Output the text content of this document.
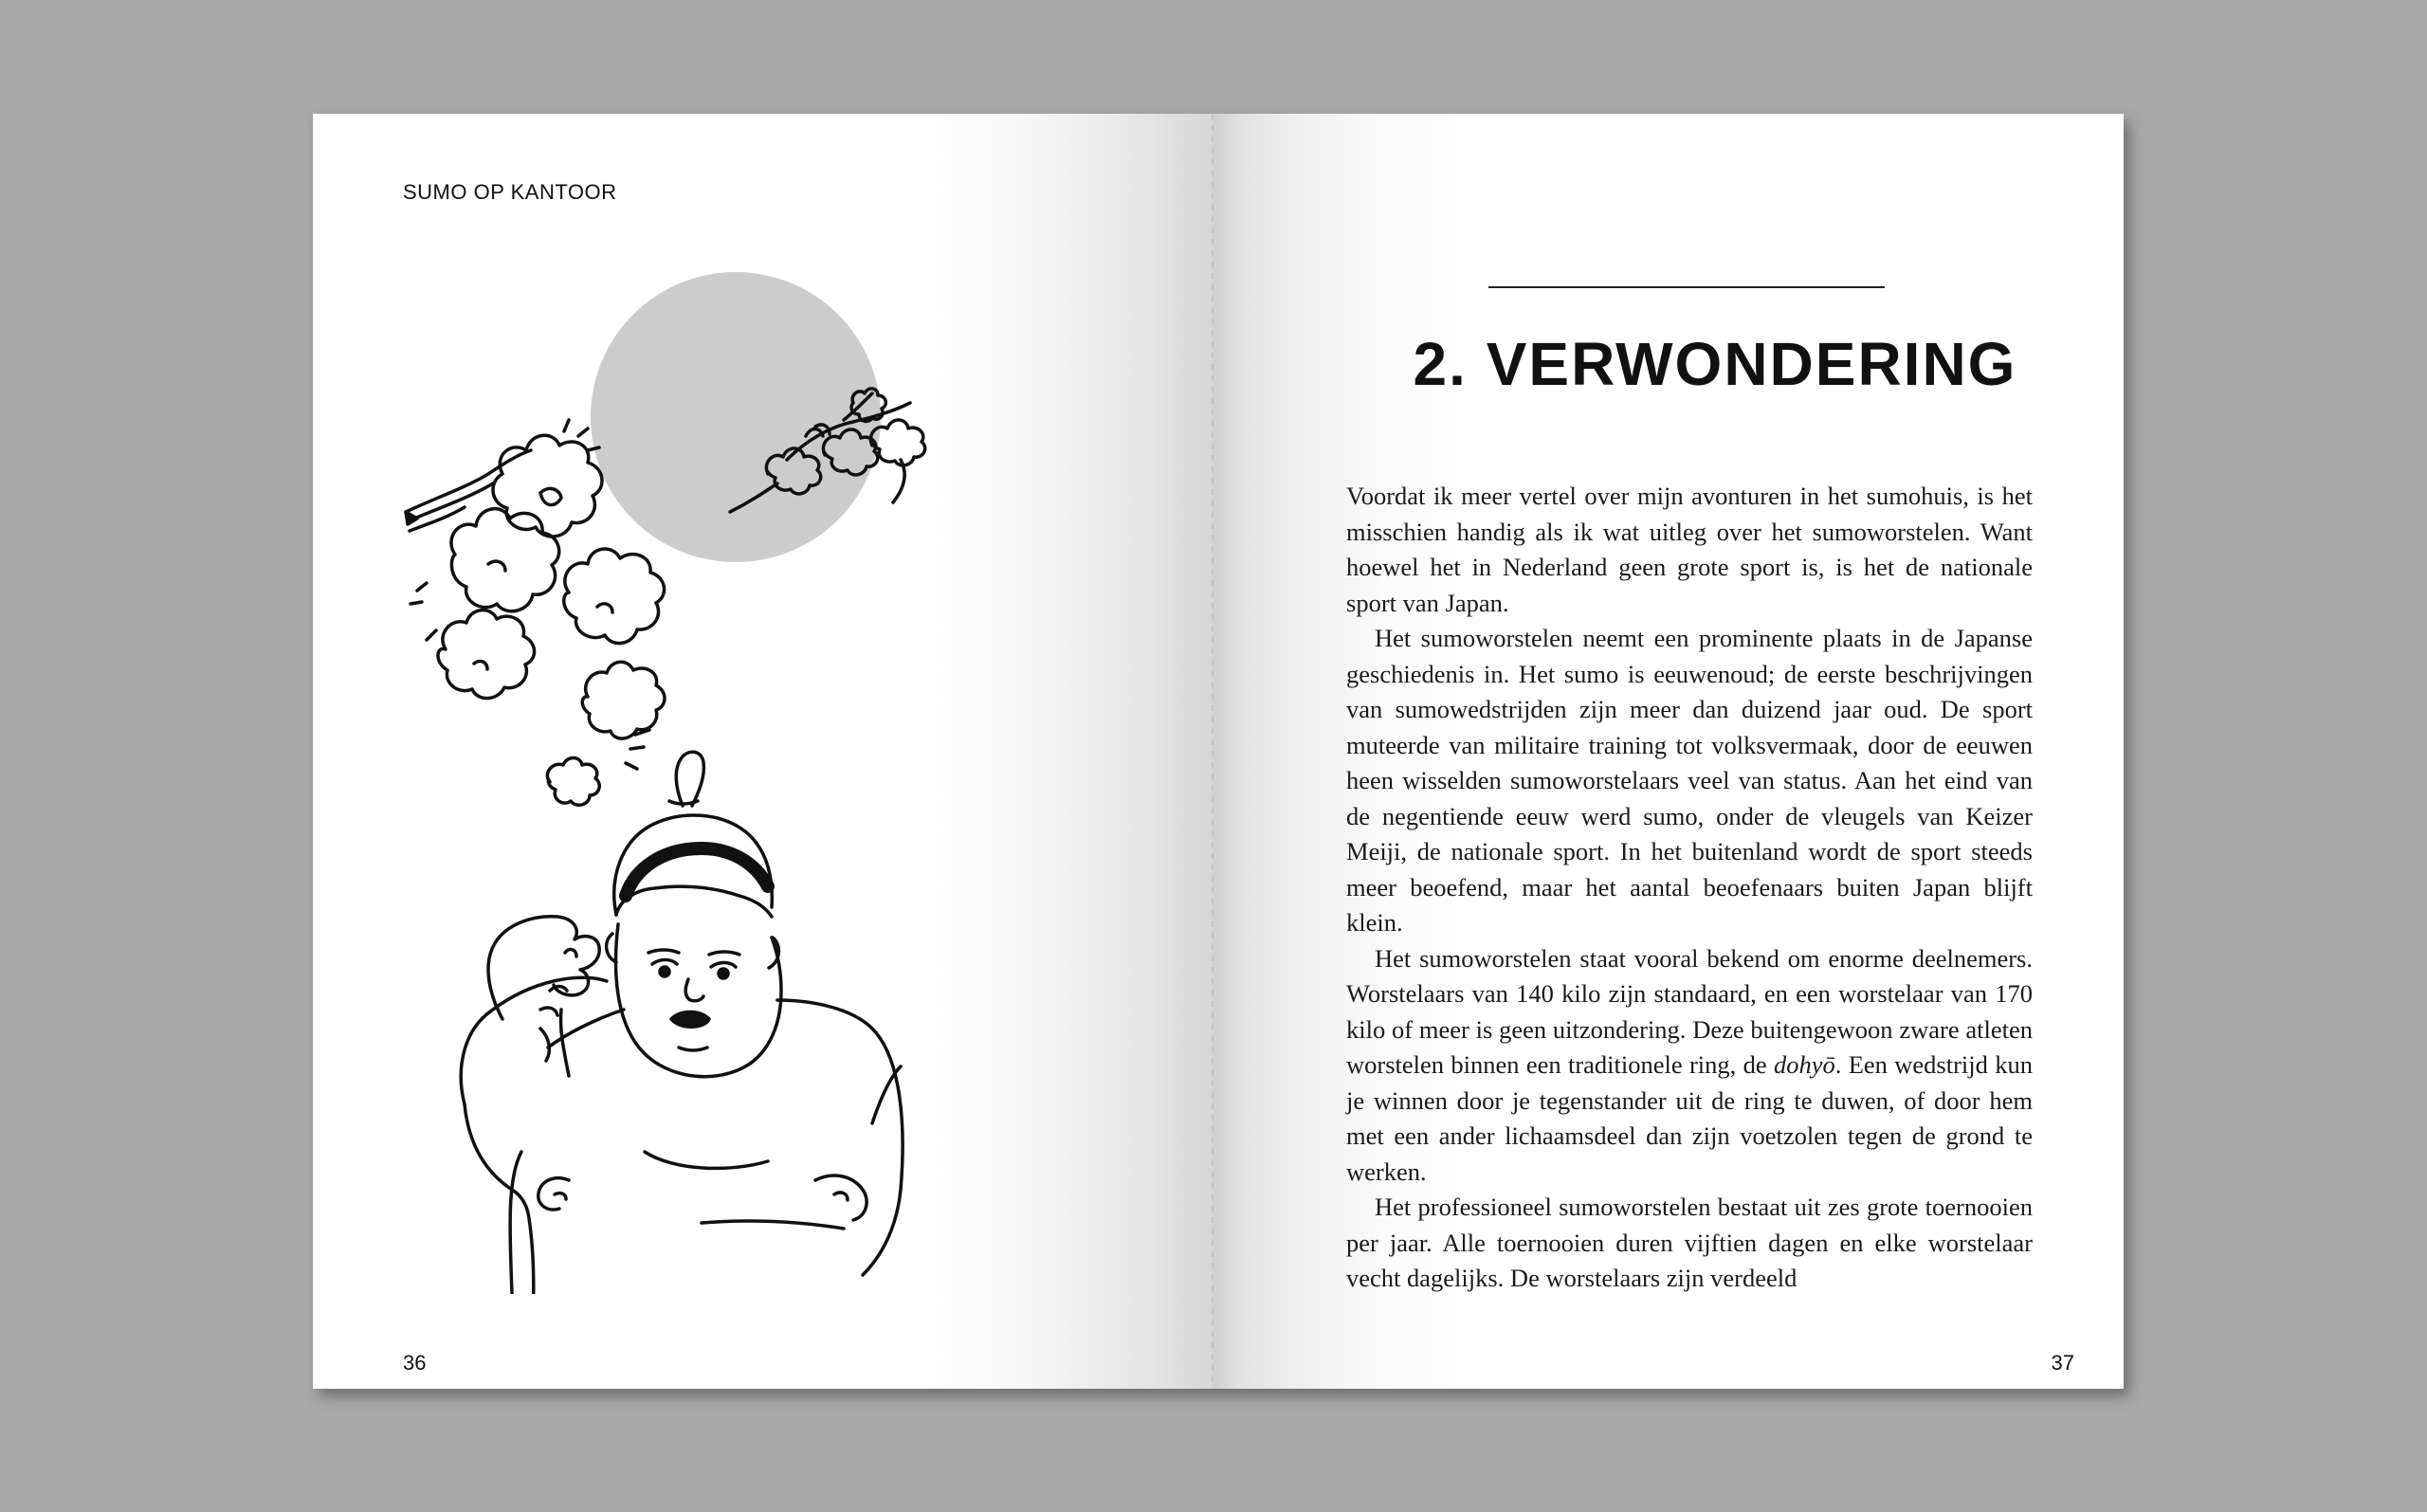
SUMO OP KANTOOR
36
2. VERWONDERING

Voordat ik meer vertel over mijn avonturen in het sumohuis, is het misschien handig als ik wat uitleg over het sumoworstelen. Want hoewel het in Nederland geen grote sport is, is het de nationale sport van Japan.

Het sumoworstelen neemt een prominente plaats in de Japanse geschiedenis in. Het sumo is eeuwenoud; de eerste beschrijvingen van sumowedstrijden zijn meer dan duizend jaar oud. De sport muteerde van militaire training tot volksvermaak, door de eeuwen heen wisselden sumoworstelaars veel van status. Aan het eind van de negentiende eeuw werd sumo, onder de vleugels van Keizer Meiji, de nationale sport. In het buitenland wordt de sport steeds meer beoefend, maar het aantal beoefenaars buiten Japan blijft klein.

Het sumoworstelen staat vooral bekend om enorme deelnemers. Worstelaars van 140 kilo zijn standaard, en een worstelaar van 170 kilo of meer is geen uitzondering. Deze buitengewoon zware atleten worstelen binnen een traditionele ring, de dohyō. Een wedstrijd kun je winnen door je tegenstander uit de ring te duwen, of door hem met een ander lichaamsdeel dan zijn voetzolen tegen de grond te werken.

Het professioneel sumoworstelen bestaat uit zes grote toernooien per jaar. Alle toernooien duren vijftien dagen en elke worstelaar vecht dagelijks. De worstelaars zijn verdeeld

37
